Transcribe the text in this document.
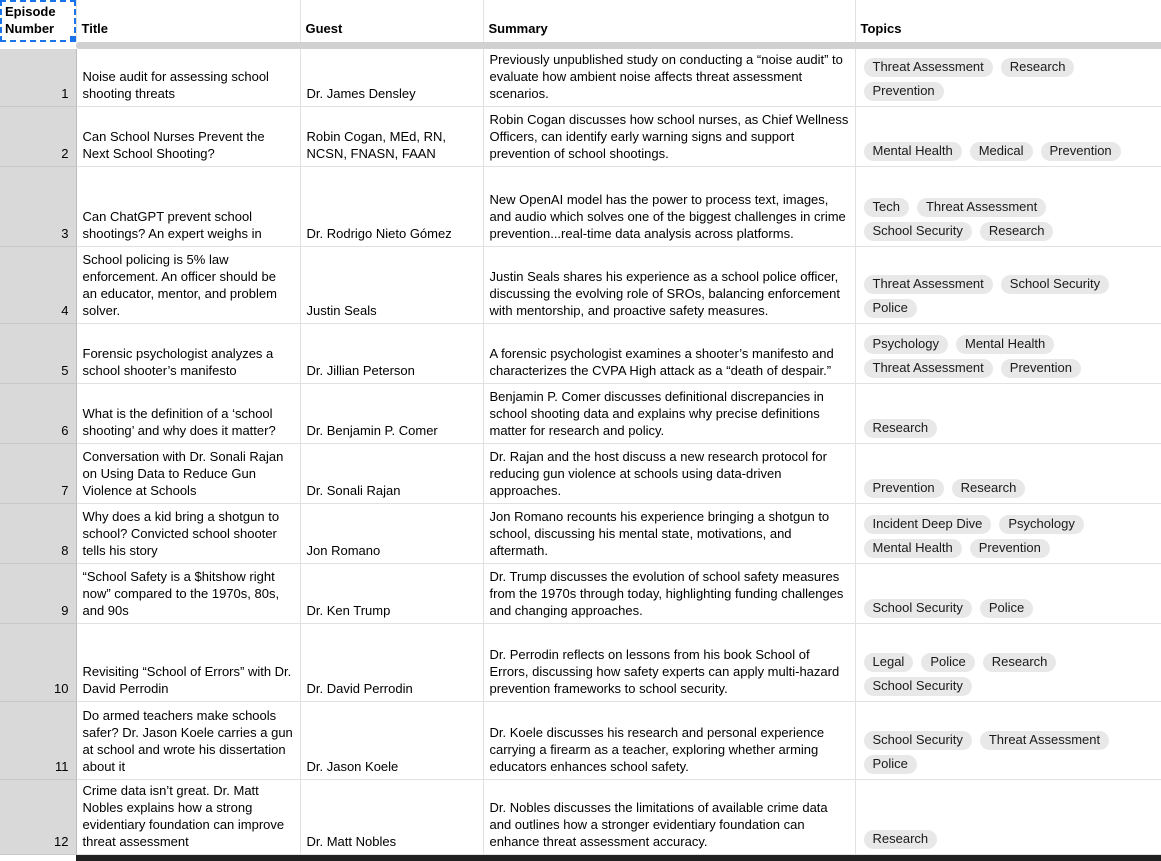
Episode Number	Title	Guest	Summary	Topics

1	Noise audit for assessing school shooting threats	Dr. James Densley	Previously unpublished study on conducting a “noise audit” to evaluate how ambient noise affects threat assessment scenarios.	Threat Assessment Research
Prevention

2	Can School Nurses Prevent the Next School Shooting?	Robin Cogan, MEd, RN, NCSN, FNASN, FAAN	Robin Cogan discusses how school nurses, as Chief Wellness Officers, can identify early warning signs and support prevention of school shootings.	Mental Health Medical Prevention

3	Can ChatGPT prevent school shootings? An expert weighs in	Dr. Rodrigo Nieto Gómez	New OpenAI model has the power to process text, images, and audio which solves one of the biggest challenges in crime prevention...real-time data analysis across platforms.	Tech Threat Assessment
School Security Research

4	School policing is 5% law enforcement. An officer should be an educator, mentor, and problem solver.	Justin Seals	Justin Seals shares his experience as a school police officer, discussing the evolving role of SROs, balancing enforcement with mentorship, and proactive safety measures.	Threat Assessment School Security
Police

5	Forensic psychologist analyzes a school shooter’s manifesto	Dr. Jillian Peterson	A forensic psychologist examines a shooter’s manifesto and characterizes the CVPA High attack as a “death of despair.”	Psychology Mental Health
Threat Assessment Prevention

6	What is the definition of a ‘school shooting’ and why does it matter?	Dr. Benjamin P. Comer	Benjamin P. Comer discusses definitional discrepancies in school shooting data and explains why precise definitions matter for research and policy.	Research

7	Conversation with Dr. Sonali Rajan on Using Data to Reduce Gun Violence at Schools	Dr. Sonali Rajan	Dr. Rajan and the host discuss a new research protocol for reducing gun violence at schools using data-driven approaches.	Prevention Research

8	Why does a kid bring a shotgun to school? Convicted school shooter tells his story	Jon Romano	Jon Romano recounts his experience bringing a shotgun to school, discussing his mental state, motivations, and aftermath.	Incident Deep Dive Psychology
Mental Health Prevention

9	“School Safety is a $hitshow right now” compared to the 1970s, 80s, and 90s	Dr. Ken Trump	Dr. Trump discusses the evolution of school safety measures from the 1970s through today, highlighting funding challenges and changing approaches.	School Security Police

10	Revisiting “School of Errors” with Dr. David Perrodin	Dr. David Perrodin	Dr. Perrodin reflects on lessons from his book School of Errors, discussing how safety experts can apply multi-hazard prevention frameworks to school security.	Legal Police Research
School Security

11	Do armed teachers make schools safer? Dr. Jason Koele carries a gun at school and wrote his dissertation about it	Dr. Jason Koele	Dr. Koele discusses his research and personal experience carrying a firearm as a teacher, exploring whether arming educators enhances school safety.	School Security Threat Assessment
Police

12	Crime data isn’t great. Dr. Matt Nobles explains how a strong evidentiary foundation can improve threat assessment	Dr. Matt Nobles	Dr. Nobles discusses the limitations of available crime data and outlines how a stronger evidentiary foundation can enhance threat assessment accuracy.	Research
